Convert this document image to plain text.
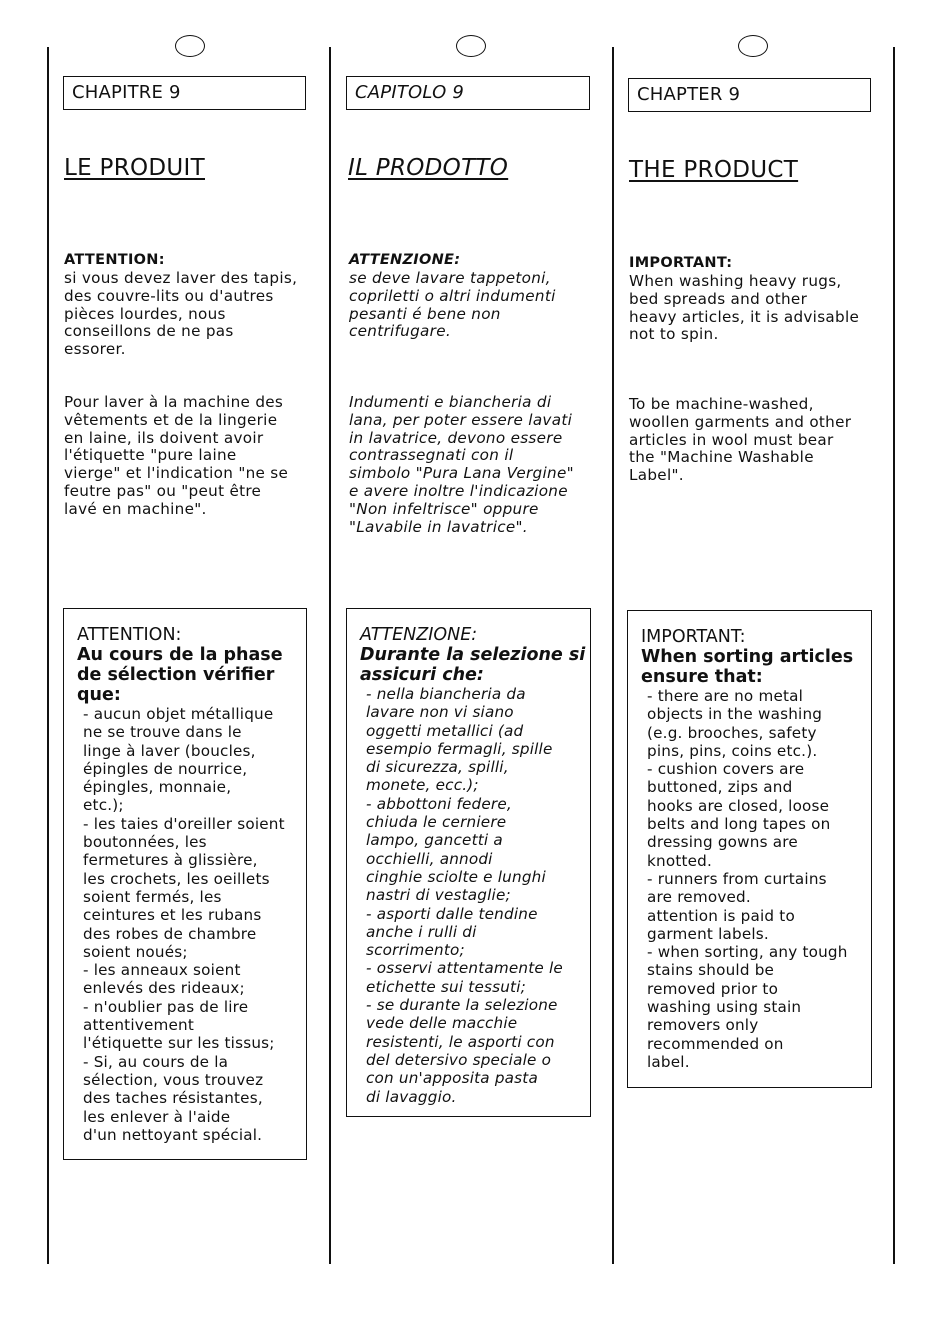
CHAPITRE 9
LE PRODUIT
ATTENTION:
si vous devez laver des tapis,
des couvre-lits ou d'autres
pièces lourdes, nous
conseillons de ne pas
essorer.
Pour laver à la machine des
vêtements et de la lingerie
en laine, ils doivent avoir
l'étiquette "pure laine
vierge" et l'indication "ne se
feutre pas" ou "peut être
lavé en machine".
ATTENTION:
Au cours de la phase
de sélection vérifier
que:
- aucun objet métallique
ne se trouve dans le
linge à laver (boucles,
épingles de nourrice,
épingles, monnaie,
etc.);
- les taies d'oreiller soient
boutonnées, les
fermetures à glissière,
les crochets, les oeillets
soient fermés, les
ceintures et les rubans
des robes de chambre
soient noués;
- les anneaux soient
enlevés des rideaux;
- n'oublier pas de lire
attentivement
l'étiquette sur les tissus;
- Si, au cours de la
sélection, vous trouvez
des taches résistantes,
les enlever à l'aide
d'un nettoyant spécial.
CAPITOLO 9
IL PRODOTTO
ATTENZIONE:
se deve lavare tappetoni,
copriletti o altri indumenti
pesanti é bene non
centrifugare.
Indumenti e biancheria di
lana, per poter essere lavati
in lavatrice, devono essere
contrassegnati con il
simbolo "Pura Lana Vergine"
e avere inoltre l'indicazione
"Non infeltrisce" oppure
"Lavabile in lavatrice".
ATTENZIONE:
Durante la selezione si
assicuri che:
- nella biancheria da
lavare non vi siano
oggetti metallici (ad
esempio fermagli, spille
di sicurezza, spilli,
monete, ecc.);
- abbottoni federe,
chiuda le cerniere
lampo, gancetti a
occhielli, annodi
cinghie sciolte e lunghi
nastri di vestaglie;
- asporti dalle tendine
anche i rulli di
scorrimento;
- osservi attentamente le
etichette sui tessuti;
- se durante la selezione
vede delle macchie
resistenti, le asporti con
del detersivo speciale o
con un'apposita pasta
di lavaggio.
CHAPTER 9
THE PRODUCT
IMPORTANT:
When washing heavy rugs,
bed spreads and other
heavy articles, it is advisable
not to spin.
To be machine-washed,
woollen garments and other
articles in wool must bear
the "Machine Washable
Label".
IMPORTANT:
When sorting articles
ensure that:
- there are no metal
objects in the washing
(e.g. brooches, safety
pins, pins, coins etc.).
- cushion covers are
buttoned, zips and
hooks are closed, loose
belts and long tapes on
dressing gowns are
knotted.
- runners from curtains
are removed.
attention is paid to
garment labels.
- when sorting, any tough
stains should be
removed prior to
washing using stain
removers only
recommended on
label.
